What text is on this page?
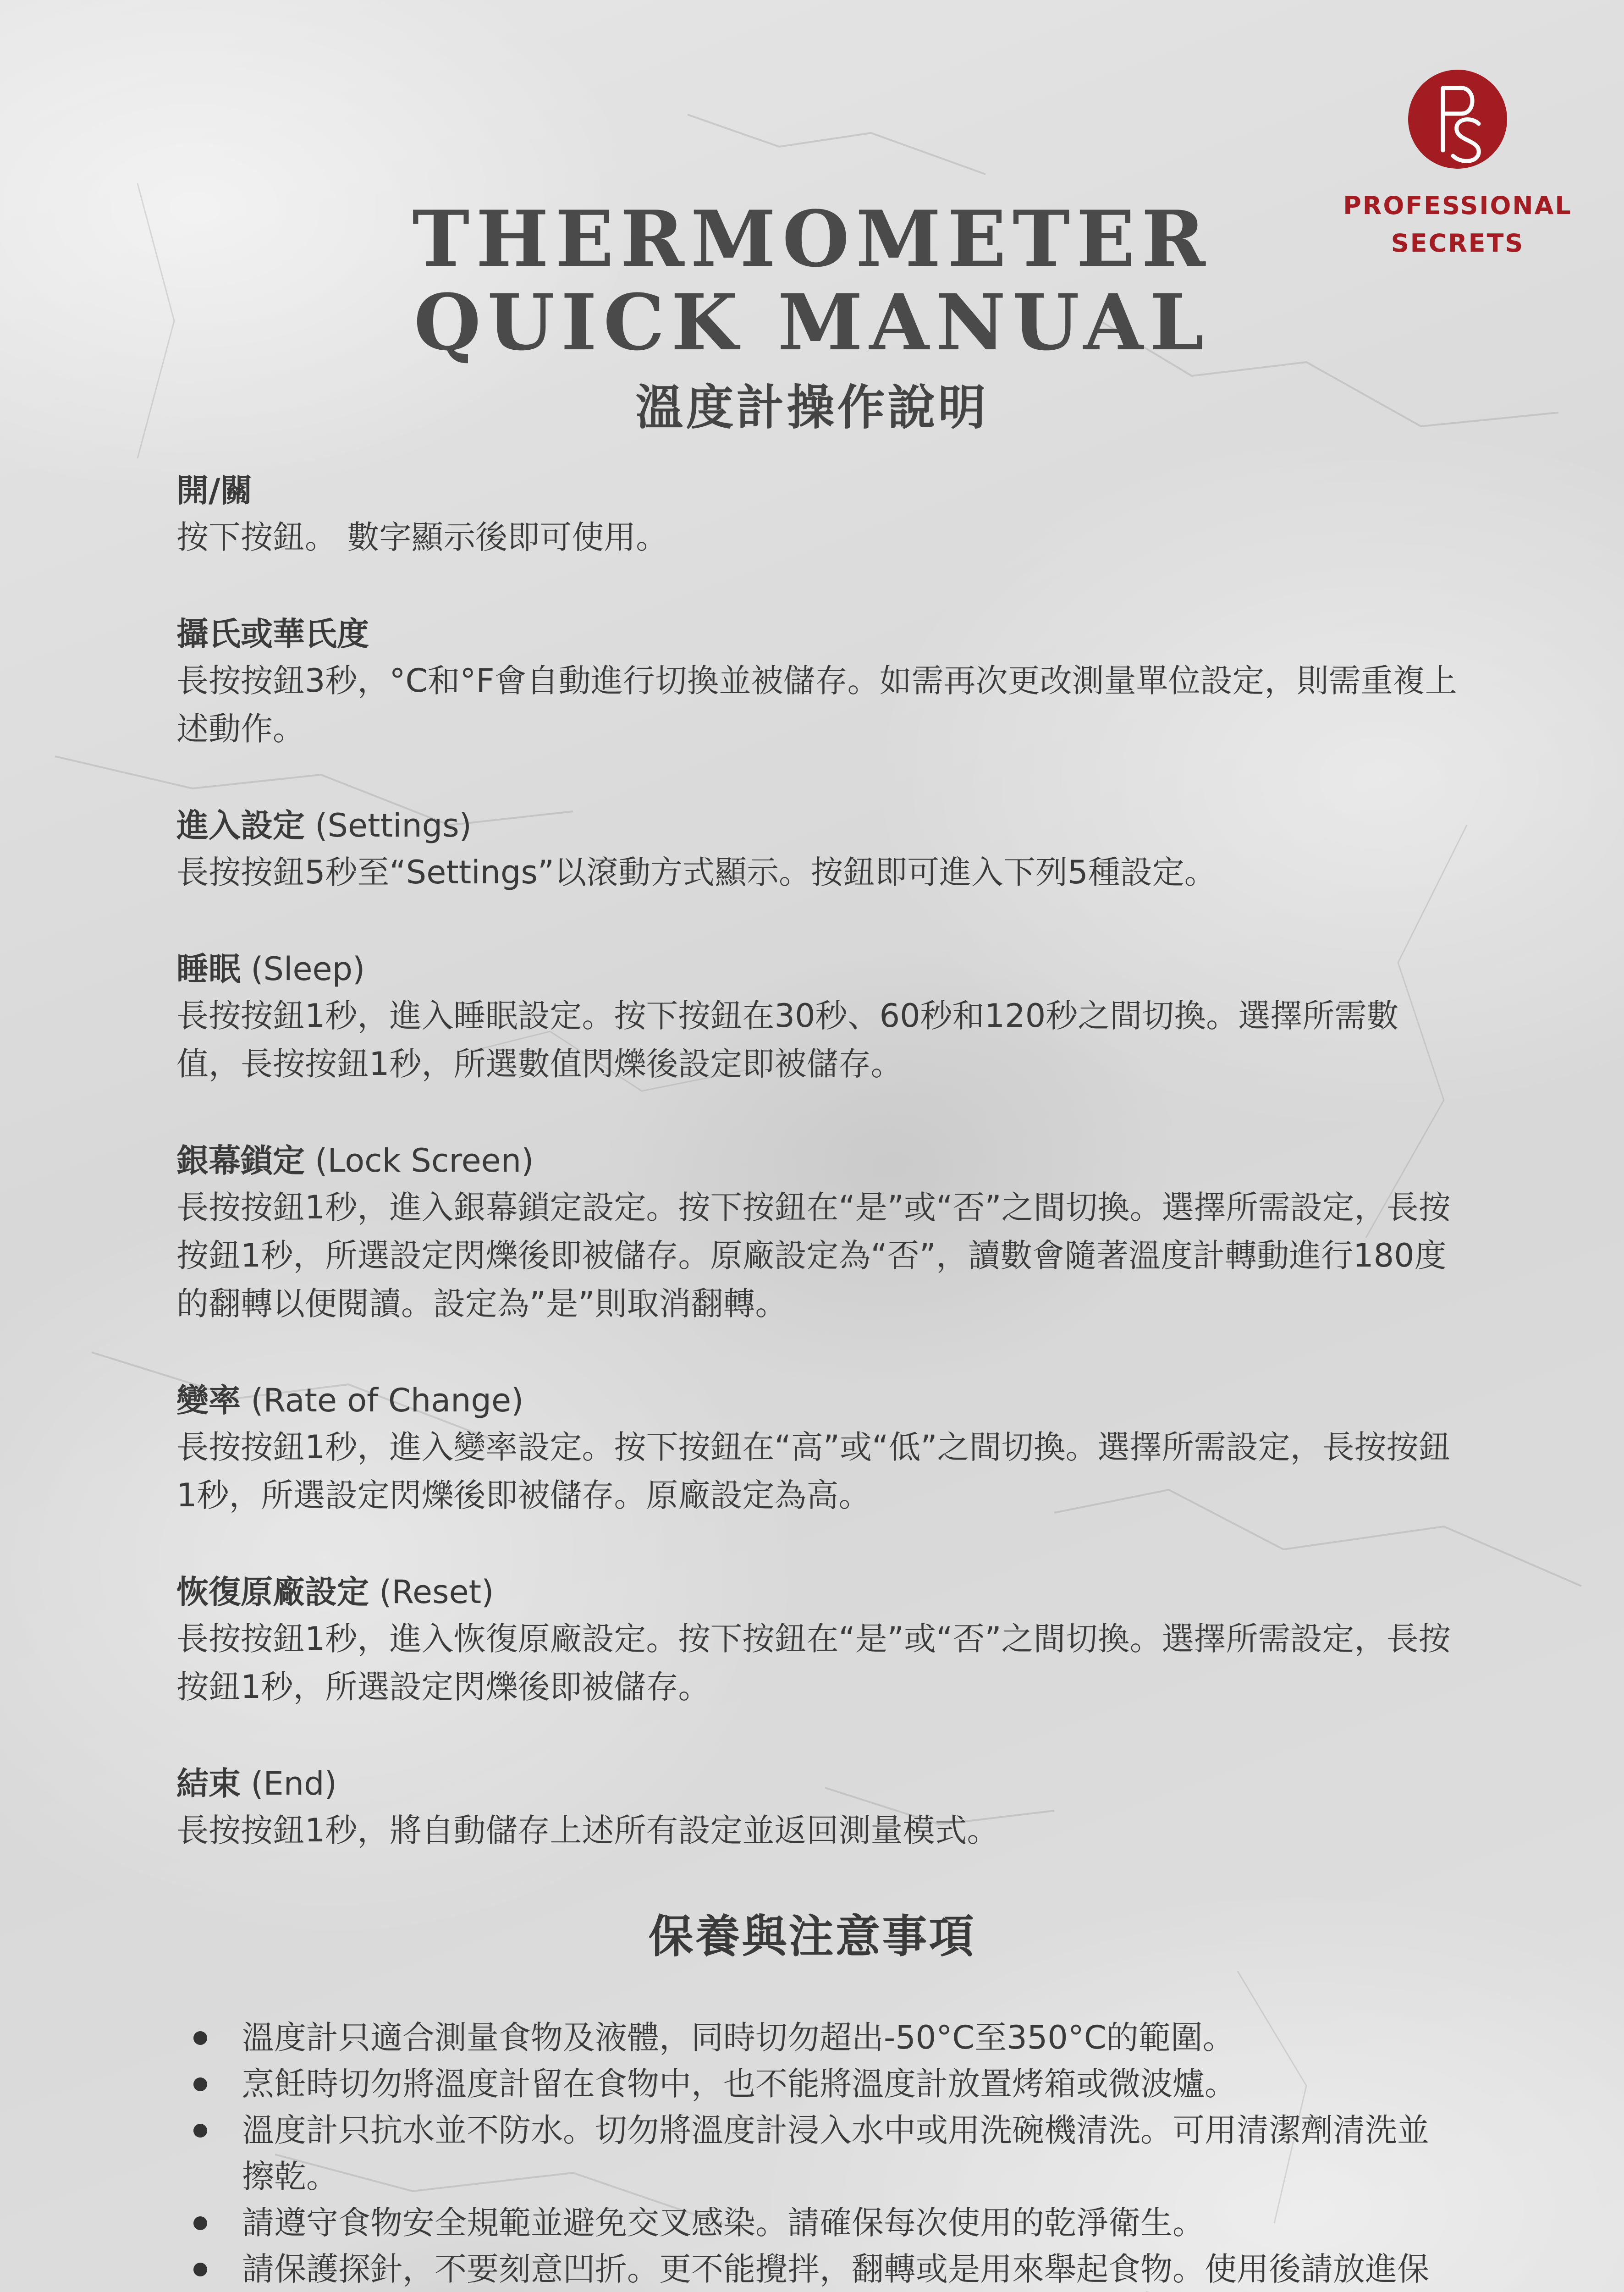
PROFESSIONAL
SECRETS
THERMOMETER
QUICK MANUAL
溫度計操作說明
開/關
按下按鈕。 數字顯示後即可使用。
攝氏或華氏度
長按按鈕3秒，°C和°F會自動進行切換並被儲存。如需再次更改測量單位設定，則需重複上述動作。
進入設定 (Settings)
長按按鈕5秒至“Settings”以滾動方式顯示。按鈕即可進入下列5種設定。
睡眠 (Sleep)
長按按鈕1秒，進入睡眠設定。按下按鈕在30秒、60秒和120秒之間切換。選擇所需數值，長按按鈕1秒，所選數值閃爍後設定即被儲存。
銀幕鎖定 (Lock Screen)
長按按鈕1秒，進入銀幕鎖定設定。按下按鈕在“是”或“否”之間切換。選擇所需設定，長按按鈕1秒，所選設定閃爍後即被儲存。原廠設定為“否”，讀數會隨著溫度計轉動進行180度的翻轉以便閱讀。設定為”是”則取消翻轉。
變率 (Rate of Change)
長按按鈕1秒，進入變率設定。按下按鈕在“高”或“低”之間切換。選擇所需設定，長按按鈕1秒，所選設定閃爍後即被儲存。原廠設定為高。
恢復原廠設定 (Reset)
長按按鈕1秒，進入恢復原廠設定。按下按鈕在“是”或“否”之間切換。選擇所需設定，長按按鈕1秒，所選設定閃爍後即被儲存。
結束 (End)
長按按鈕1秒，將自動儲存上述所有設定並返回測量模式。
保養與注意事項
溫度計只適合測量食物及液體，同時切勿超出-50°C至350°C的範圍。
烹飪時切勿將溫度計留在食物中，也不能將溫度計放置烤箱或微波爐。
溫度計只抗水並不防水。切勿將溫度計浸入水中或用洗碗機清洗。可用清潔劑清洗並擦乾。
請遵守食物安全規範並避免交叉感染。請確保每次使用的乾淨衛生。
請保護探針，不要刻意凹折。更不能攪拌，翻轉或是用來舉起食物。使用後請放進保
